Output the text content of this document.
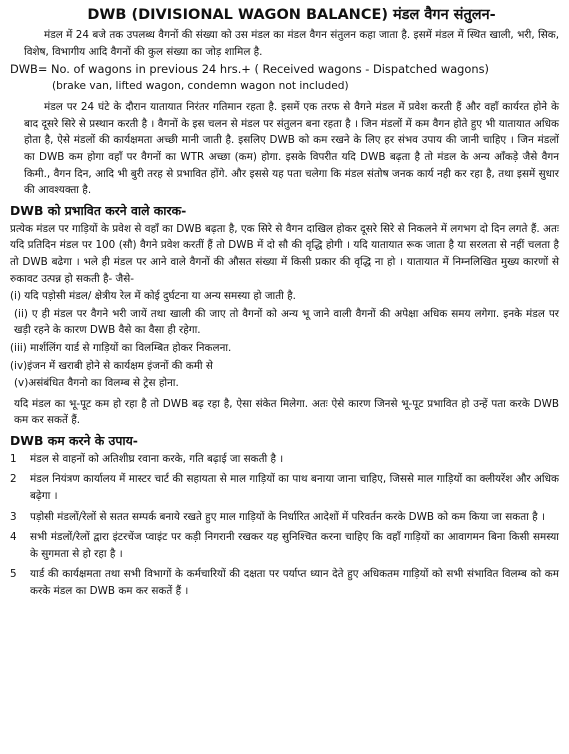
DWB (DIVISIONAL WAGON BALANCE) मंडल वैगन संतुलन-

मंडल में 24 बजे तक उपलब्ध वैगनों की संख्या को उस मंडल का मंडल वैगन संतुलन कहा जाता है. इसमें मंडल में स्थित खाली, भरी, सिक, विशेष, विभागीय आदि वैगनों की कुल संख्या का जोड़ शामिल है.

DWB= No. of wagons in previous 24 hrs.+ ( Received wagons - Dispatched wagons)

(brake van, lifted wagon, condemn wagon not included)

मंडल पर 24 घंटे के दौरान यातायात निरंतर गतिमान रहता है. इसमें एक तरफ से वैगने मंडल में प्रवेश करती हैं और वहाँ कार्यरत होने के बाद दूसरे सिरे से प्रस्थान करती है । वैगनों के इस चलन से मंडल पर संतुलन बना रहता है । जिन मंडलों में कम वैगन होते हुए भी यातायात अधिक होता है, ऐसे मंडलों की कार्यक्षमता अच्छी मानी जाती है. इसलिए DWB को कम रखने के लिए हर संभव उपाय की जानी चाहिए । जिन मंडलों का DWB कम होगा वहाँ पर वैगनों का WTR अच्छा (कम) होगा. इसके विपरीत यदि DWB बढ़ता है तो मंडल के अन्य आँकड़े जैसे वैगन किमी., वैगन दिन, आदि भी बुरी तरह से प्रभावित होंगे. और इससे यह पता चलेगा कि मंडल संतोष जनक कार्य नही कर रहा है, तथा इसमें सुधार की आवश्यक्ता है.

DWB को प्रभावित करने वाले कारक-

प्रत्येक मंडल पर गाड़ियों के प्रवेश से वहाँ का DWB बढ़ता है, एक सिरे से वैगन दाखिल होकर दूसरे सिरे से निकलने में लगभग दो दिन लगते हैं. अतः यदि प्रतिदिन मंडल पर 100 (सौ) वैगने प्रवेश करतीं हैं तो DWB में दो सौ की वृद्धि होगी । यदि यातायात रूक जाता है या सरलता से नहीं चलता है तो DWB बढेगा । भले ही मंडल पर आने वाले वैगनों की औसत संख्या में किसी प्रकार की वृद्धि ना हो । यातायात में निम्नलिखित मुख्य कारणों से रुकावट उत्पन्न हो सकती है- जैसे-

(i) यदि पड़ोसी मंडल/ क्षेत्रीय रेल में कोई दुर्घटना या अन्य समस्या हो जाती है.

(ii) ए ही मंडल पर वैगने भरी जायें तथा खाली की जाए तो वैगनों को अन्य भू जाने वाली वैगनों की अपेक्षा अधिक समय लगेगा. इनके मंडल पर खड़ी रहने के कारण DWB वैसे का वैसा ही रहेगा.

(iii) मार्शलिंग यार्ड से गाड़ियों का विलम्बित होकर निकलना.

(iv)इंजन में खराबी होने से कार्यक्षम इंजनों की कमी से

(v)असंबंधित वैगनो का विलम्ब से ट्रेस होना.

यदि मंडल का भू-पूट कम हो रहा है तो DWB बढ़ रहा है, ऐसा संकेत मिलेगा. अतः ऐसे कारण जिनसे भू-पूट प्रभावित हो उन्हें पता करके DWB कम कर सकतें हैं.

DWB कम करने के उपाय-
1	मंडल से वाहनों को अतिशीघ्र रवाना करके, गति बढ़ाई जा सकती है ।
2	मंडल नियंत्रण कार्यालय में मास्टर चार्ट की सहायता से माल गाड़ियों का पाथ बनाया जाना चाहिए, जिससे माल गाड़ियों का क्लीयरेंश और अधिक बढ़ेगा ।
3	पड़ोसी मंडलों/रेलों से सतत सम्पर्क बनाये रखते हुए माल गाड़ियों के निर्धारित आदेशों में परिवर्तन करके DWB को कम किया जा सकता है ।
4	सभी मंडलों/रेलों द्वारा इंटरचेंज प्वाइंट पर कड़ी निगरानी रखकर यह सुनिश्चित करना चाहिए कि वहाँ गाड़ियों का आवागमन बिना किसी समस्या के सुगमता से हो रहा है ।
5	यार्ड की कार्यक्षमता तथा सभी विभागों के कर्मचारियों की दक्षता पर पर्याप्त ध्यान देते हुए अधिकतम गाड़ियों को सभी संभावित विलम्ब को कम करके मंडल का DWB कम कर सकतें हैं ।
